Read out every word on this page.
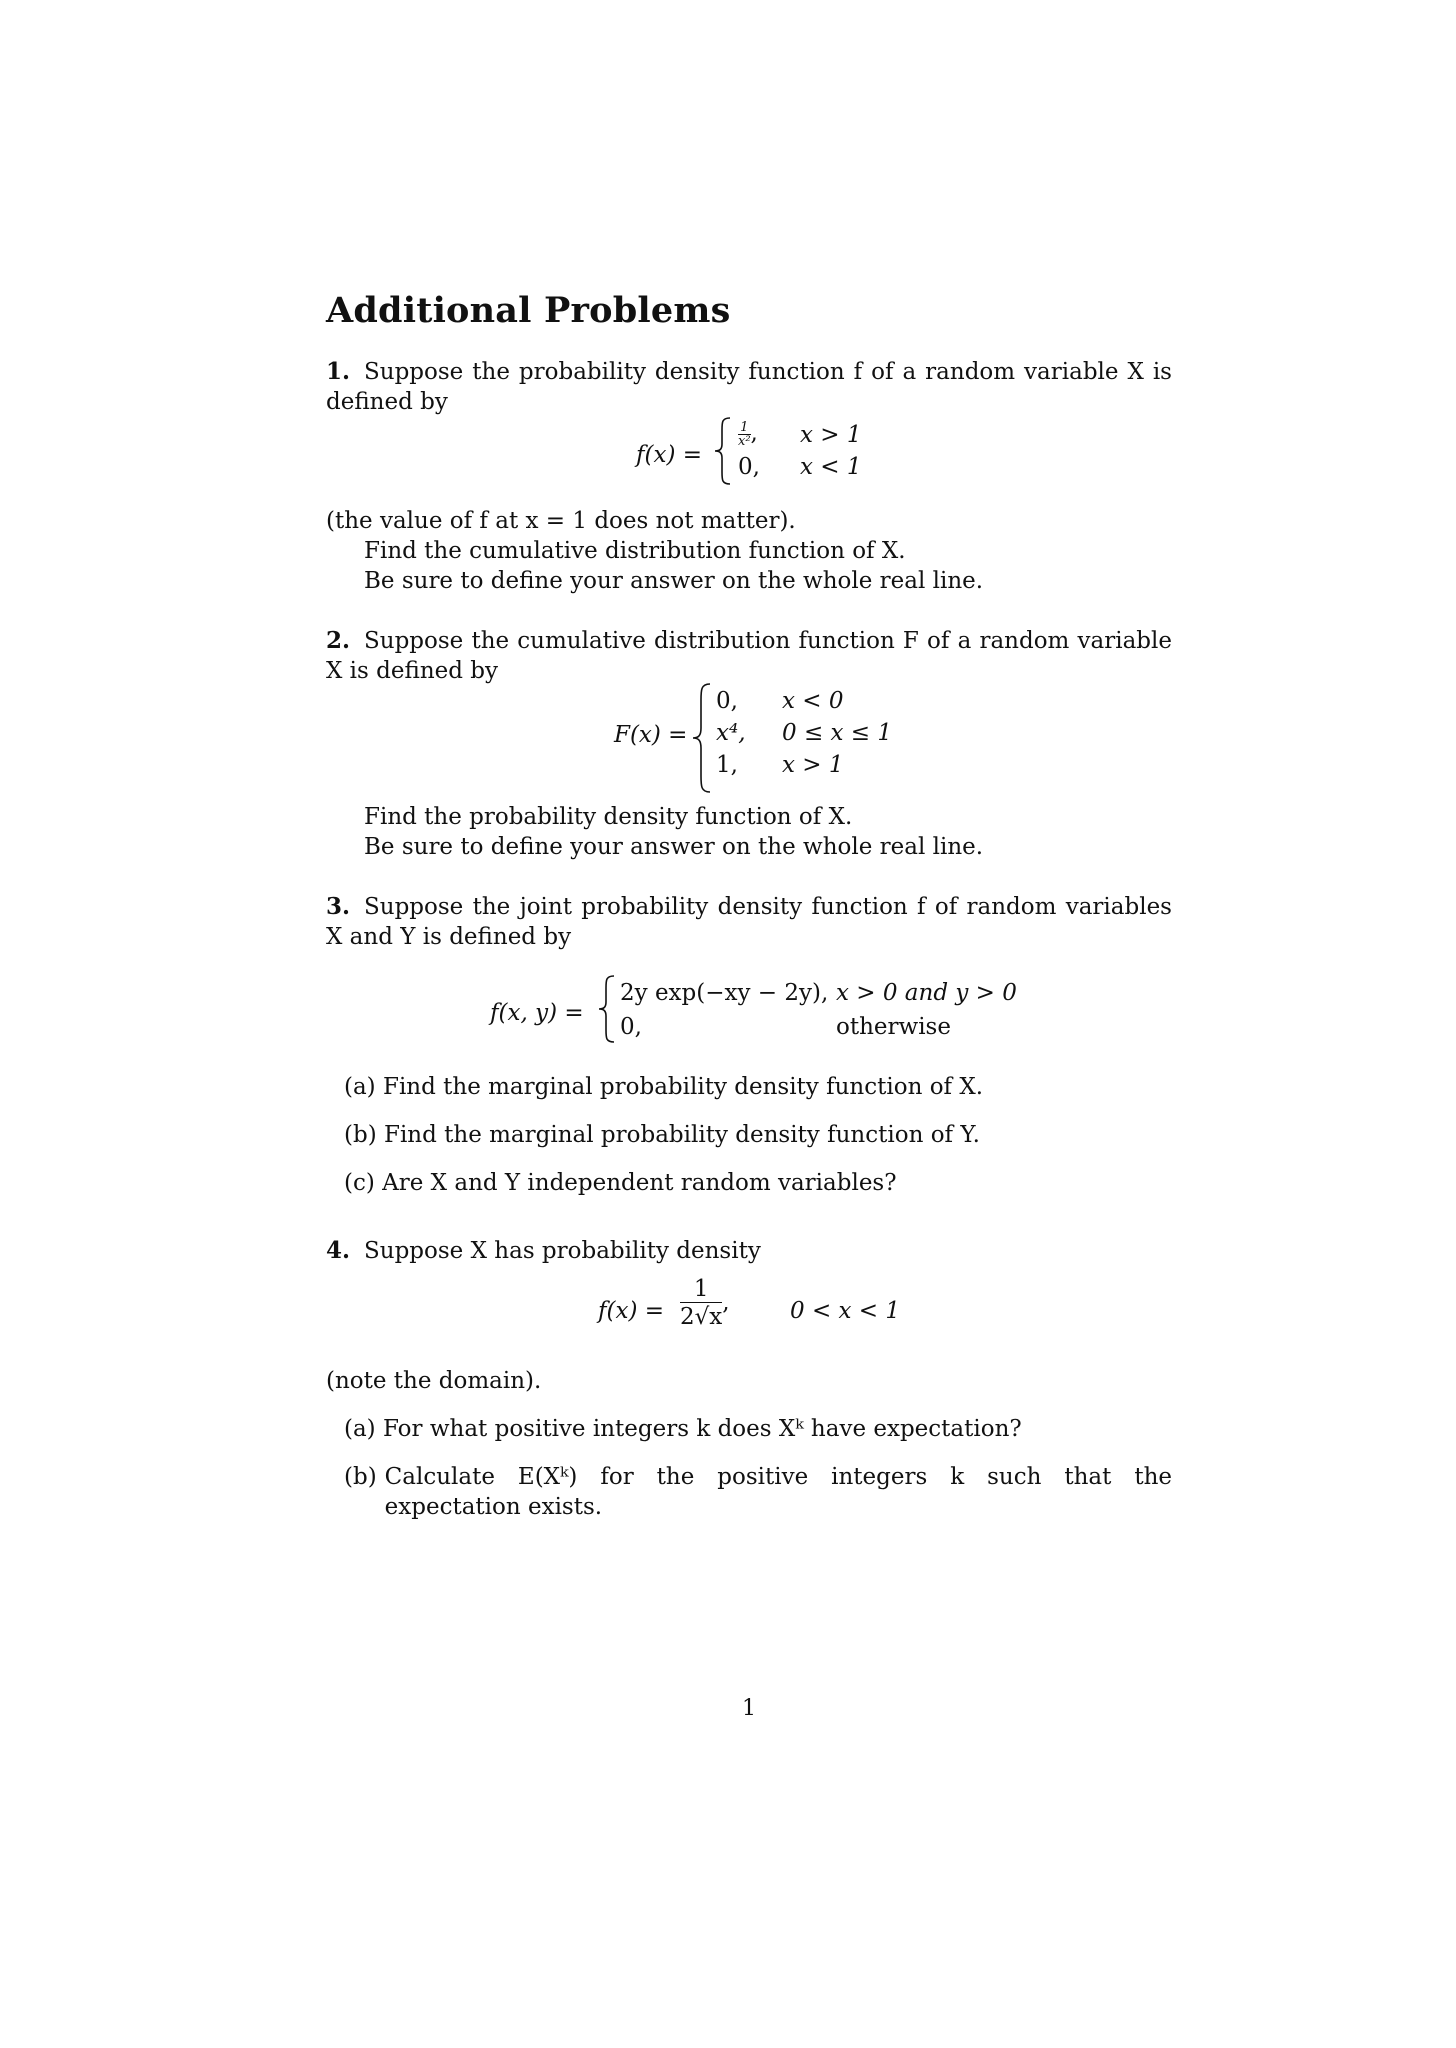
Additional Problems
1. Suppose the probability density function f of a random variable X is defined by
f(x) =
$\frac{1}{\text{x²}}$, x > 1
0, x < 1
(the value of f at x = 1 does not matter).
Find the cumulative distribution function of X.
Be sure to define your answer on the whole real line.
2. Suppose the cumulative distribution function F of a random variable X is defined by
F(x) =
0, x < 0
x⁴, 0 ≤ x ≤ 1
1, x > 1
Find the probability density function of X.
Be sure to define your answer on the whole real line.
3. Suppose the joint probability density function f of random variables X and Y is defined by
f(x, y) =
2y exp(−xy − 2y), x > 0 and y > 0
0,	otherwise
(a) Find the marginal probability density function of X.
(b) Find the marginal probability density function of Y.
(c) Are X and Y independent random variables?
4. Suppose X has probability density
$f(x) = \frac{1}{2√x}$ ,	0 < x < 1
(note the domain).
(a) For what positive integers k does Xᵏ have expectation?
(b) Calculate E(Xᵏ) for the positive integers k such that the expectation exists.
1
